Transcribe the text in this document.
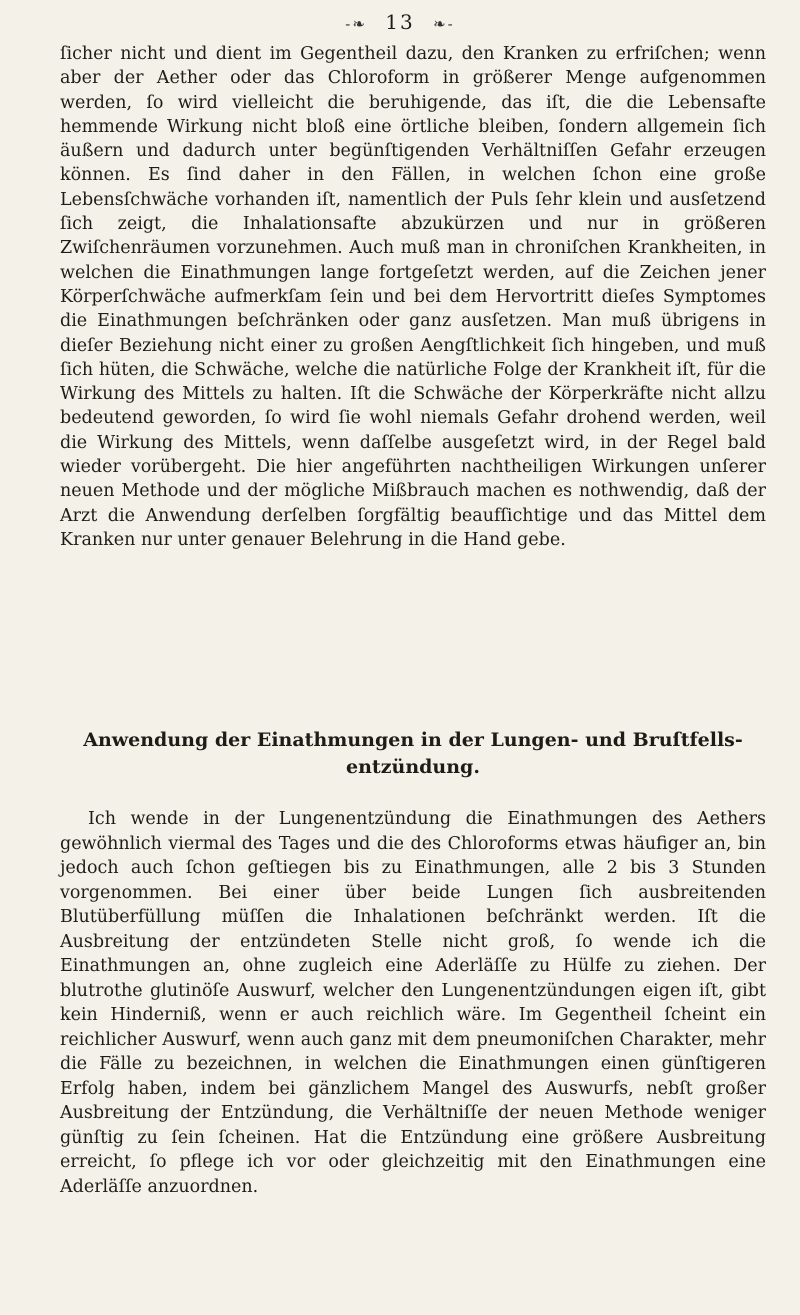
-❧ 13 ❧-

ſicher nicht und dient im Gegentheil dazu, den Kranken zu erfriſchen; wenn aber der Aether oder das Chloroform in größerer Menge aufgenommen werden, ſo wird vielleicht die beruhigende, das iſt, die die Lebensafte hemmende Wirkung nicht bloß eine örtliche bleiben, ſondern allgemein ſich äußern und dadurch unter begünſtigenden Verhältniſſen Gefahr erzeugen können. Es ſind daher in den Fällen, in welchen ſchon eine große Lebensſchwäche vorhanden iſt, namentlich der Puls ſehr klein und ausſetzend ſich zeigt, die Inhalationsafte abzukürzen und nur in größeren Zwiſchenräumen vorzunehmen. Auch muß man in chroniſchen Krankheiten, in welchen die Einathmungen lange fortgeſetzt werden, auf die Zeichen jener Körperſchwäche aufmerkſam ſein und bei dem Hervortritt dieſes Symptomes die Einathmungen beſchränken oder ganz ausſetzen. Man muß übrigens in dieſer Beziehung nicht einer zu großen Aengſtlichkeit ſich hingeben, und muß ſich hüten, die Schwäche, welche die natürliche Folge der Krankheit iſt, für die Wirkung des Mittels zu halten. Iſt die Schwäche der Körperkräfte nicht allzu bedeutend geworden, ſo wird ſie wohl niemals Gefahr drohend werden, weil die Wirkung des Mittels, wenn daſſelbe ausgeſetzt wird, in der Regel bald wieder vorübergeht. Die hier angeführten nachtheiligen Wirkungen unſerer neuen Methode und der mögliche Mißbrauch machen es nothwendig, daß der Arzt die Anwendung derſelben ſorgfältig beaufſichtige und das Mittel dem Kranken nur unter genauer Belehrung in die Hand gebe.

Anwendung der Einathmungen in der Lungen- und Bruſtfells-entzündung.

Ich wende in der Lungenentzündung die Einathmungen des Aethers gewöhnlich viermal des Tages und die des Chloroforms etwas häufiger an, bin jedoch auch ſchon geſtiegen bis zu Einathmungen, alle 2 bis 3 Stunden vorgenommen. Bei einer über beide Lungen ſich ausbreitenden Blutüberfüllung müſſen die Inhalationen beſchränkt werden. Iſt die Ausbreitung der entzündeten Stelle nicht groß, ſo wende ich die Einathmungen an, ohne zugleich eine Aderläſſe zu Hülfe zu ziehen. Der blutrothe glutinöſe Auswurf, welcher den Lungenentzündungen eigen iſt, gibt kein Hinderniß, wenn er auch reichlich wäre. Im Gegentheil ſcheint ein reichlicher Auswurf, wenn auch ganz mit dem pneumoniſchen Charakter, mehr die Fälle zu bezeichnen, in welchen die Einathmungen einen günſtigeren Erfolg haben, indem bei gänzlichem Mangel des Auswurfs, nebſt großer Ausbreitung der Entzündung, die Verhältniſſe der neuen Methode weniger günſtig zu ſein ſcheinen. Hat die Entzündung eine größere Ausbreitung erreicht, ſo pflege ich vor oder gleichzeitig mit den Einathmungen eine Aderläſſe anzuordnen.
